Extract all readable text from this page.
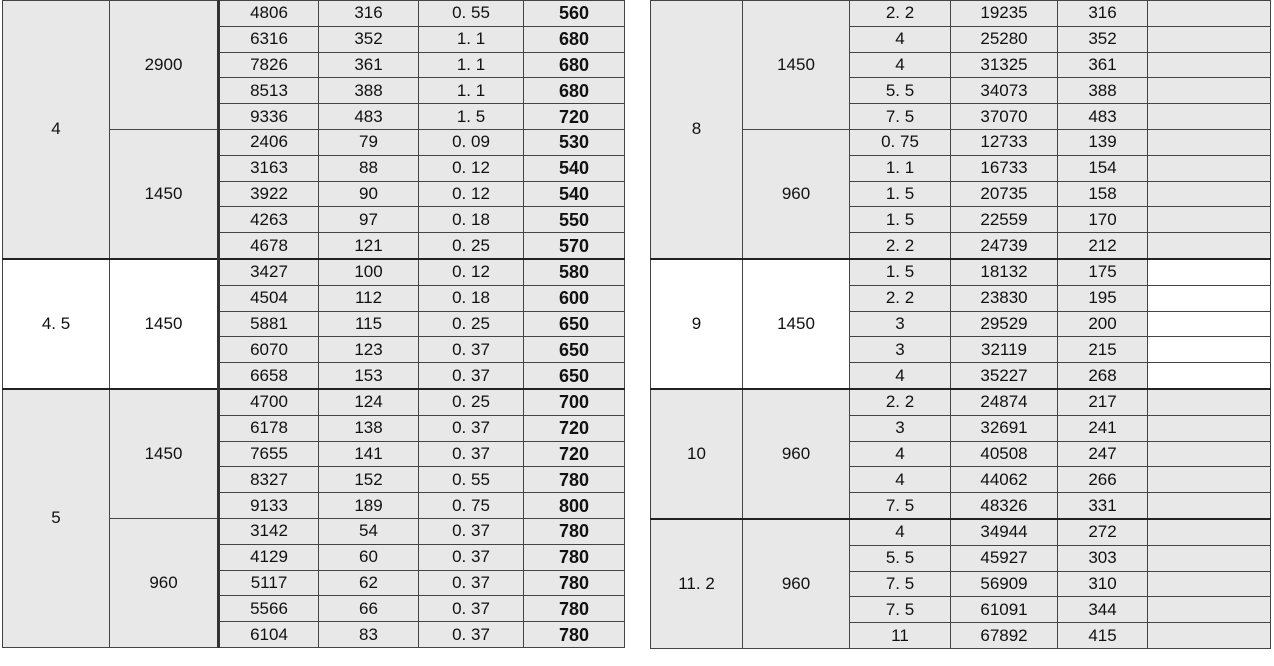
4	2900	4806	316	0. 55	560
		6316	352	1. 1	680
		7826	361	1. 1	680
		8513	388	1. 1	680
		9336	483	1. 5	720
	1450	2406	79	0. 09	530
		3163	88	0. 12	540
		3922	90	0. 12	540
		4263	97	0. 18	550
		4678	121	0. 25	570
4. 5	1450	3427	100	0. 12	580
		4504	112	0. 18	600
		5881	115	0. 25	650
		6070	123	0. 37	650
		6658	153	0. 37	650
5	1450	4700	124	0. 25	700
		6178	138	0. 37	720
		7655	141	0. 37	720
		8327	152	0. 55	780
		9133	189	0. 75	800
	960	3142	54	0. 37	780
		4129	60	0. 37	780
		5117	62	0. 37	780
		5566	66	0. 37	780
		6104	83	0. 37	780
8	1450	2. 2	19235	316	
		4	25280	352	
		4	31325	361	
		5. 5	34073	388	
		7. 5	37070	483	
	960	0. 75	12733	139	
		1. 1	16733	154	
		1. 5	20735	158	
		1. 5	22559	170	
		2. 2	24739	212	
9	1450	1. 5	18132	175	
		2. 2	23830	195	
		3	29529	200	
		3	32119	215	
		4	35227	268	
10	960	2. 2	24874	217	
		3	32691	241	
		4	40508	247	
		4	44062	266	
		7. 5	48326	331	
11. 2	960	4	34944	272	
		5. 5	45927	303	
		7. 5	56909	310	
		7. 5	61091	344	
		11	67892	415	
